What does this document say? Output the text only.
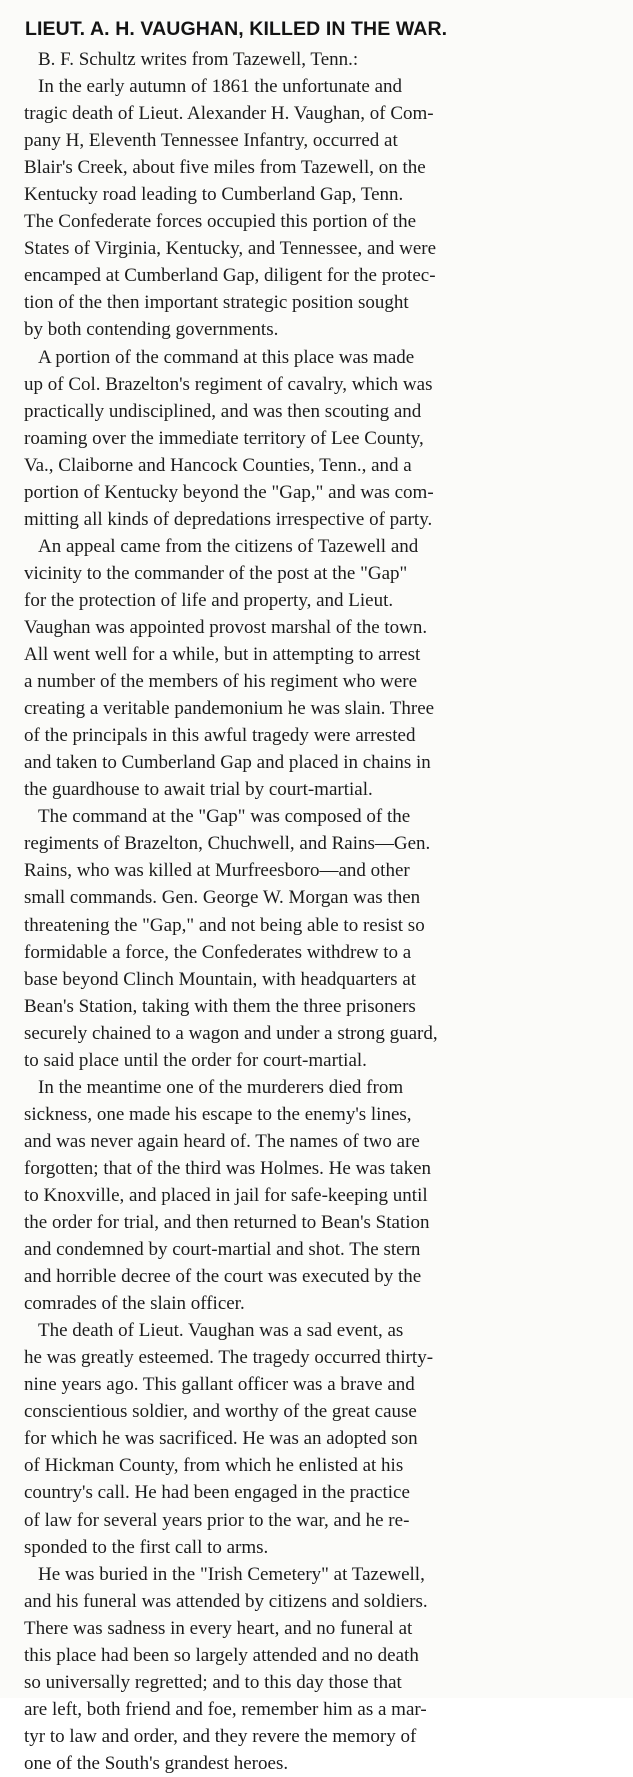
LIEUT. A. H. VAUGHAN, KILLED IN THE WAR.

B. F. Schultz writes from Tazewell, Tenn.:

In the early autumn of 1861 the unfortunate and
tragic death of Lieut. Alexander H. Vaughan, of Com-
pany H, Eleventh Tennessee Infantry, occurred at
Blair's Creek, about five miles from Tazewell, on the
Kentucky road leading to Cumberland Gap, Tenn.
The Confederate forces occupied this portion of the
States of Virginia, Kentucky, and Tennessee, and were
encamped at Cumberland Gap, diligent for the protec-
tion of the then important strategic position sought
by both contending governments.

A portion of the command at this place was made
up of Col. Brazelton's regiment of cavalry, which was
practically undisciplined, and was then scouting and
roaming over the immediate territory of Lee County,
Va., Claiborne and Hancock Counties, Tenn., and a
portion of Kentucky beyond the "Gap," and was com-
mitting all kinds of depredations irrespective of party.

An appeal came from the citizens of Tazewell and
vicinity to the commander of the post at the "Gap"
for the protection of life and property, and Lieut.
Vaughan was appointed provost marshal of the town.
All went well for a while, but in attempting to arrest
a number of the members of his regiment who were
creating a veritable pandemonium he was slain. Three
of the principals in this awful tragedy were arrested
and taken to Cumberland Gap and placed in chains in
the guardhouse to await trial by court-martial.

The command at the "Gap" was composed of the
regiments of Brazelton, Chuchwell, and Rains—Gen.
Rains, who was killed at Murfreesboro—and other
small commands. Gen. George W. Morgan was then
threatening the "Gap," and not being able to resist so
formidable a force, the Confederates withdrew to a
base beyond Clinch Mountain, with headquarters at
Bean's Station, taking with them the three prisoners
securely chained to a wagon and under a strong guard,
to said place until the order for court-martial.

In the meantime one of the murderers died from
sickness, one made his escape to the enemy's lines,
and was never again heard of. The names of two are
forgotten; that of the third was Holmes. He was taken
to Knoxville, and placed in jail for safe-keeping until
the order for trial, and then returned to Bean's Station
and condemned by court-martial and shot. The stern
and horrible decree of the court was executed by the
comrades of the slain officer.

The death of Lieut. Vaughan was a sad event, as
he was greatly esteemed. The tragedy occurred thirty-
nine years ago. This gallant officer was a brave and
conscientious soldier, and worthy of the great cause
for which he was sacrificed. He was an adopted son
of Hickman County, from which he enlisted at his
country's call. He had been engaged in the practice
of law for several years prior to the war, and he re-
sponded to the first call to arms.

He was buried in the "Irish Cemetery" at Tazewell,
and his funeral was attended by citizens and soldiers.
There was sadness in every heart, and no funeral at
this place had been so largely attended and no death
so universally regretted; and to this day those that
are left, both friend and foe, remember him as a mar-
tyr to law and order, and they revere the memory of
one of the South's grandest heroes.
